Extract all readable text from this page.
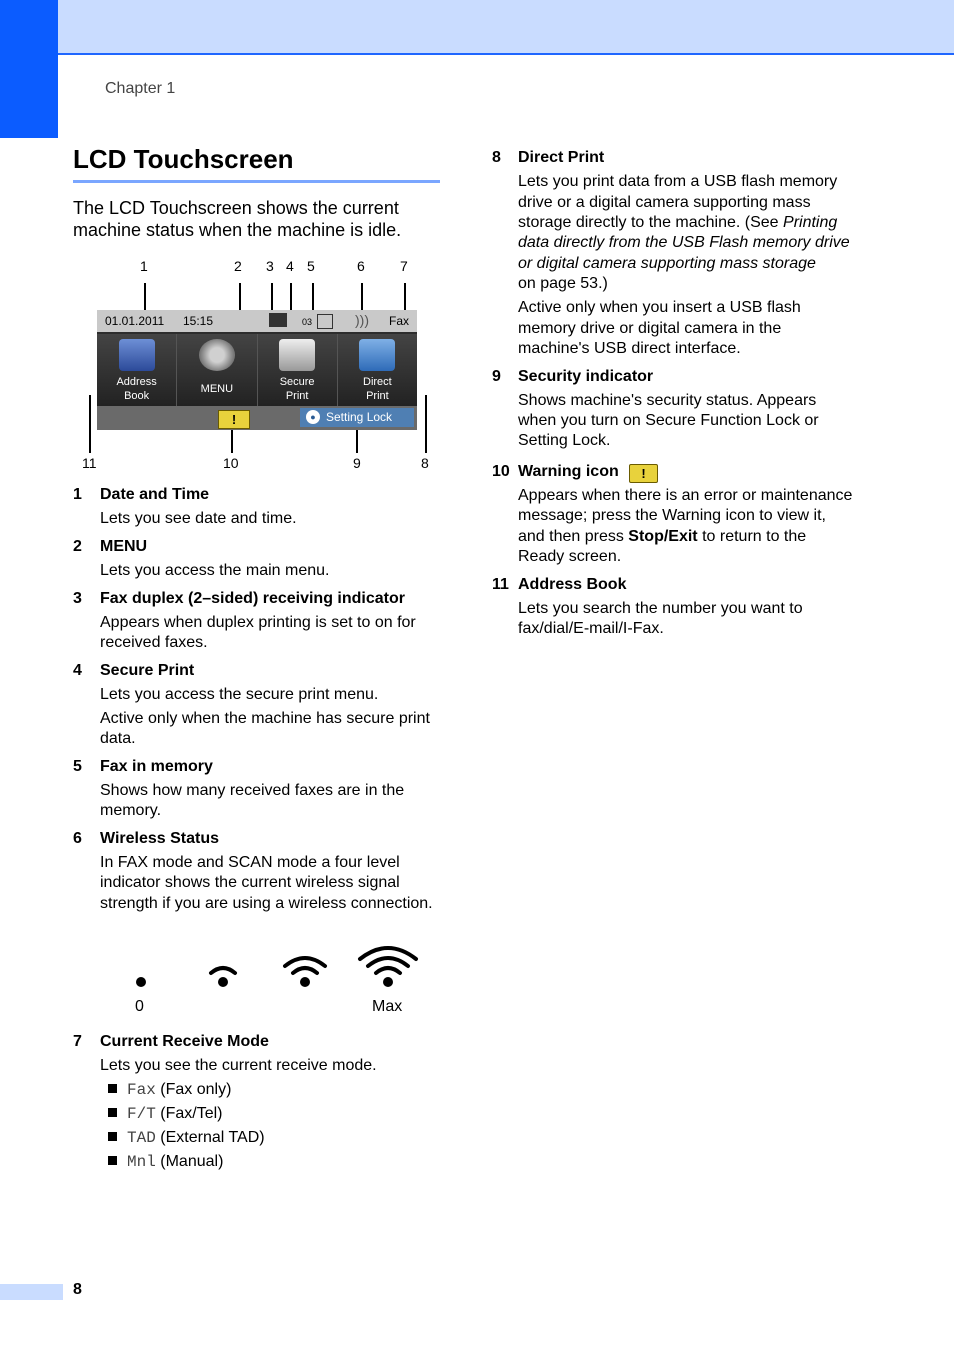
Chapter 1
LCD Touchscreen
The LCD Touchscreen shows the current machine status when the machine is idle.
1	2 3 4 5	6	7
11	10	9	8
01.01.2011 15:15	03	))) Fax
Address
Book
MENU
Secure
Print
Direct
Print
!	● Setting Lock
1 Date and Time
Lets you see date and time.
2 MENU
Lets you access the main menu.
3 Fax duplex (2–sided) receiving indicator
Appears when duplex printing is set to on for
received faxes.
4 Secure Print
Lets you access the secure print menu.
Active only when the machine has secure print
data.
5 Fax in memory
Shows how many received faxes are in the
memory.
6 Wireless Status
In FAX mode and SCAN mode a four level
indicator shows the current wireless signal
strength if you are using a wireless connection.
0	Max
7 Current Receive Mode
Lets you see the current receive mode.
Fax (Fax only)
F/T (Fax/Tel)
TAD (External TAD)
Mnl (Manual)
8 Direct Print
Lets you print data from a USB flash memory
drive or a digital camera supporting mass
storage directly to the machine. (See Printing
data directly from the USB Flash memory drive
or digital camera supporting mass storage
on page 53.)
Active only when you insert a USB flash
memory drive or digital camera in the
machine's USB direct interface.
9 Security indicator
Shows machine's security status. Appears
when you turn on Secure Function Lock or
Setting Lock.
10 Warning icon	!
Appears when there is an error or maintenance
message; press the Warning icon to view it,
and then press Stop/Exit to return to the
Ready screen.
11 Address Book
Lets you search the number you want to
fax/dial/E-mail/I-Fax.
8
